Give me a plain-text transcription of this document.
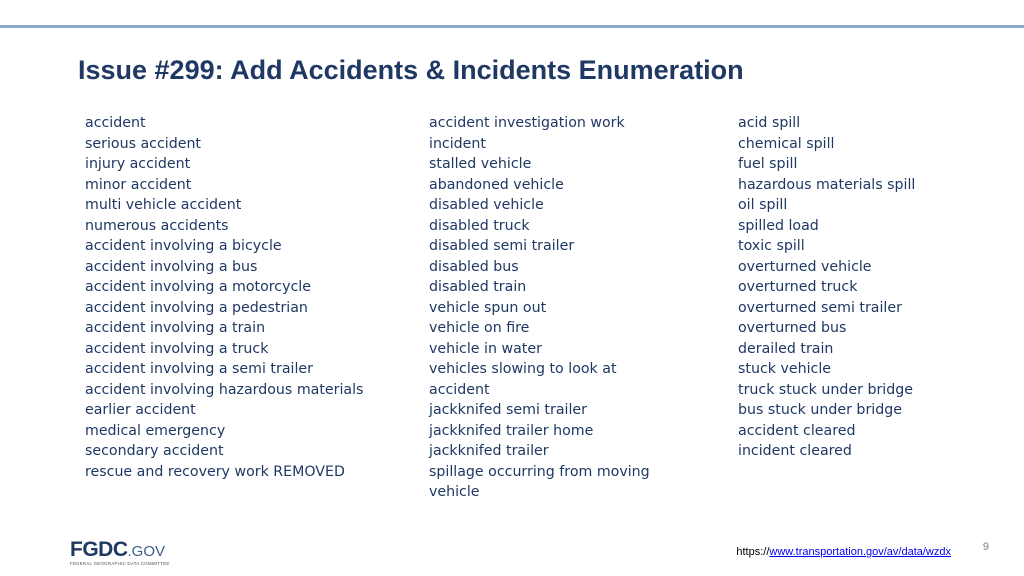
Issue #299: Add Accidents & Incidents Enumeration
accident
serious accident
injury accident
minor accident
multi vehicle accident
numerous accidents
accident involving a bicycle
accident involving a bus
accident involving a motorcycle
accident involving a pedestrian
accident involving a train
accident involving a truck
accident involving a semi trailer
accident involving hazardous materials
earlier accident
medical emergency
secondary accident
rescue and recovery work REMOVED
accident investigation work
incident
stalled vehicle
abandoned vehicle
disabled vehicle
disabled truck
disabled semi trailer
disabled bus
disabled train
vehicle spun out
vehicle on fire
vehicle in water
vehicles slowing to look at accident
jackknifed semi trailer
jackknifed trailer home
jackknifed trailer
spillage occurring from moving vehicle
acid spill
chemical spill
fuel spill
hazardous materials spill
oil spill
spilled load
toxic spill
overturned vehicle
overturned truck
overturned semi trailer
overturned bus
derailed train
stuck vehicle
truck stuck under bridge
bus stuck under bridge
accident cleared
incident cleared
FGDC.GOV
FEDERAL GEOGRAPHIC DATA COMMITTEE
https://www.transportation.gov/av/data/wzdx	9
